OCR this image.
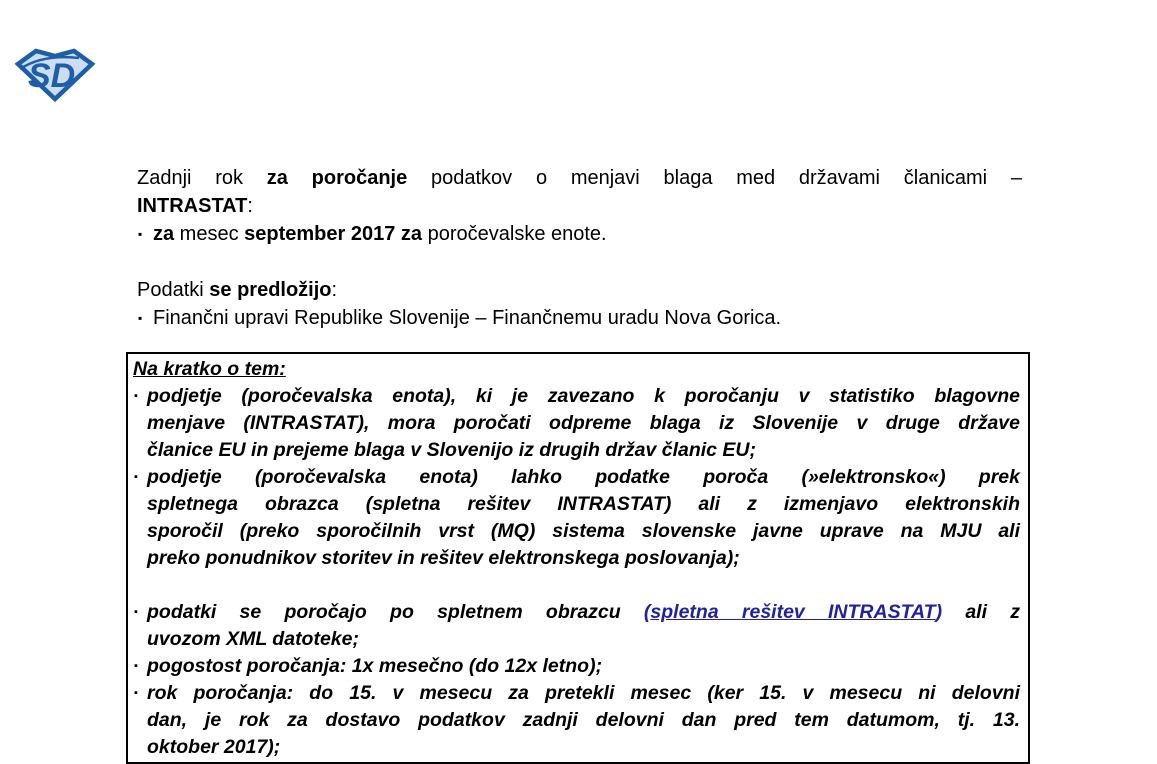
SD
Zadnji rok za poročanje podatkov o menjavi blaga med državami članicami –
INTRASTAT:
▪ za mesec september 2017 za poročevalske enote.
Podatki se predložijo:
▪ Finančni upravi Republike Slovenije – Finančnemu uradu Nova Gorica.
Na kratko o tem:
▪ podjetje (poročevalska enota), ki je zavezano k poročanju v statistiko blagovne
menjave (INTRASTAT), mora poročati odpreme blaga iz Slovenije v druge države
članice EU in prejeme blaga v Slovenijo iz drugih držav članic EU;
▪ podjetje (poročevalska enota) lahko podatke poroča (»elektronsko«) prek
spletnega obrazca (spletna rešitev INTRASTAT) ali z izmenjavo elektronskih
sporočil (preko sporočilnih vrst (MQ) sistema slovenske javne uprave na MJU ali
preko ponudnikov storitev in rešitev elektronskega poslovanja);
▪ podatki se poročajo po spletnem obrazcu (spletna rešitev INTRASTAT) ali z
uvozom XML datoteke;
▪ pogostost poročanja: 1x mesečno (do 12x letno);
▪ rok poročanja: do 15. v mesecu za pretekli mesec (ker 15. v mesecu ni delovni
dan, je rok za dostavo podatkov zadnji delovni dan pred tem datumom, tj. 13.
oktober 2017);
